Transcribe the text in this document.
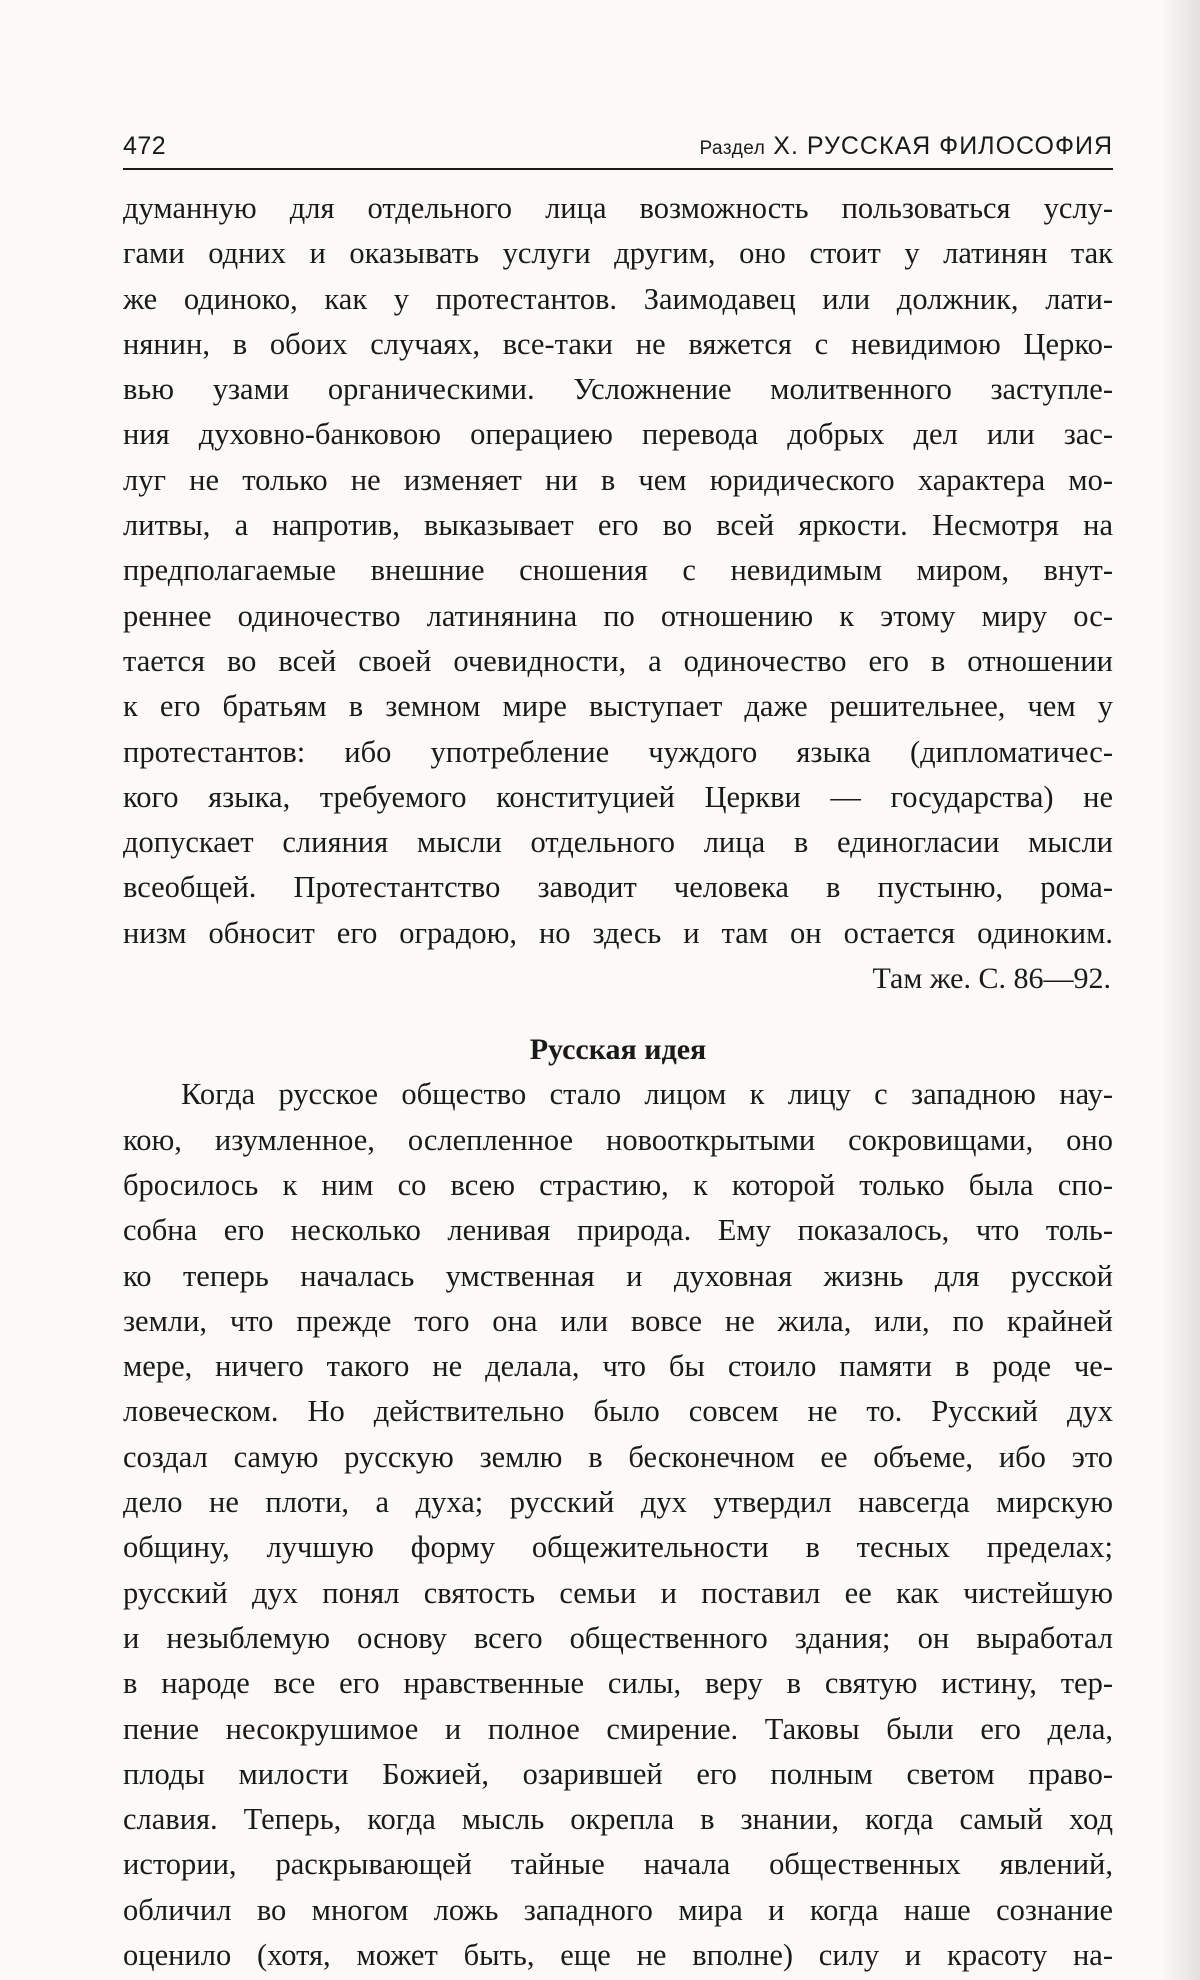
472	Раздел X. РУССКАЯ ФИЛОСОФИЯ
думанную для отдельного лица возможность пользоваться услу-
гами одних и оказывать услуги другим, оно стоит у латинян так
же одиноко, как у протестантов. Заимодавец или должник, лати-
нянин, в обоих случаях, все-таки не вяжется с невидимою Церко-
вью узами органическими. Усложнение молитвенного заступле-
ния духовно-банковою операциею перевода добрых дел или зас-
луг не только не изменяет ни в чем юридического характера мо-
литвы, а напротив, выказывает его во всей яркости. Несмотря на
предполагаемые внешние сношения с невидимым миром, внут-
реннее одиночество латинянина по отношению к этому миру ос-
тается во всей своей очевидности, а одиночество его в отношении
к его братьям в земном мире выступает даже решительнее, чем у
протестантов: ибо употребление чуждого языка (дипломатичес-
кого языка, требуемого конституцией Церкви — государства) не
допускает слияния мысли отдельного лица в единогласии мысли
всеобщей. Протестантство заводит человека в пустыню, рома-
низм обносит его оградою, но здесь и там он остается одиноким.
Там же. С. 86—92.
Русская идея
Когда русское общество стало лицом к лицу с западною нау-
кою, изумленное, ослепленное новооткрытыми сокровищами, оно
бросилось к ним со всею страстию, к которой только была спо-
собна его несколько ленивая природа. Ему показалось, что толь-
ко теперь началась умственная и духовная жизнь для русской
земли, что прежде того она или вовсе не жила, или, по крайней
мере, ничего такого не делала, что бы стоило памяти в роде че-
ловеческом. Но действительно было совсем не то. Русский дух
создал самую русскую землю в бесконечном ее объеме, ибо это
дело не плоти, а духа; русский дух утвердил навсегда мирскую
общину, лучшую форму общежительности в тесных пределах;
русский дух понял святость семьи и поставил ее как чистейшую
и незыблемую основу всего общественного здания; он выработал
в народе все его нравственные силы, веру в святую истину, тер-
пение несокрушимое и полное смирение. Таковы были его дела,
плоды милости Божией, озарившей его полным светом право-
славия. Теперь, когда мысль окрепла в знании, когда самый ход
истории, раскрывающей тайные начала общественных явлений,
обличил во многом ложь западного мира и когда наше сознание
оценило (хотя, может быть, еще не вполне) силу и красоту на-
